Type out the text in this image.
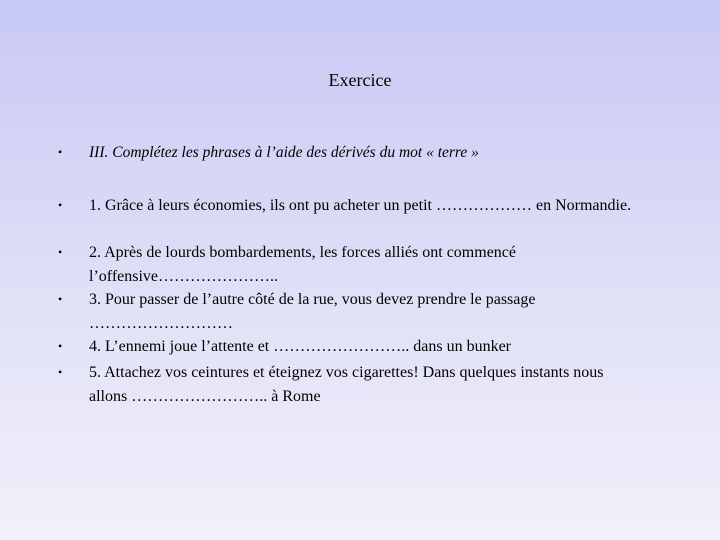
Exercice
• III. Complétez les phrases à l’aide des dérivés du mot « terre »
• 1. Grâce à leurs économies, ils ont pu acheter un petit ……………… en Normandie.
• 2. Après de lourds bombardements, les forces alliés ont commencé l’offensive…………………..
• 3. Pour passer de l’autre côté de la rue, vous devez prendre le passage ………………………
• 4. L’ennemi joue l’attente et …………………….. dans un bunker
• 5. Attachez vos ceintures et éteignez vos cigarettes! Dans quelques instants nous allons …………………….. à Rome
